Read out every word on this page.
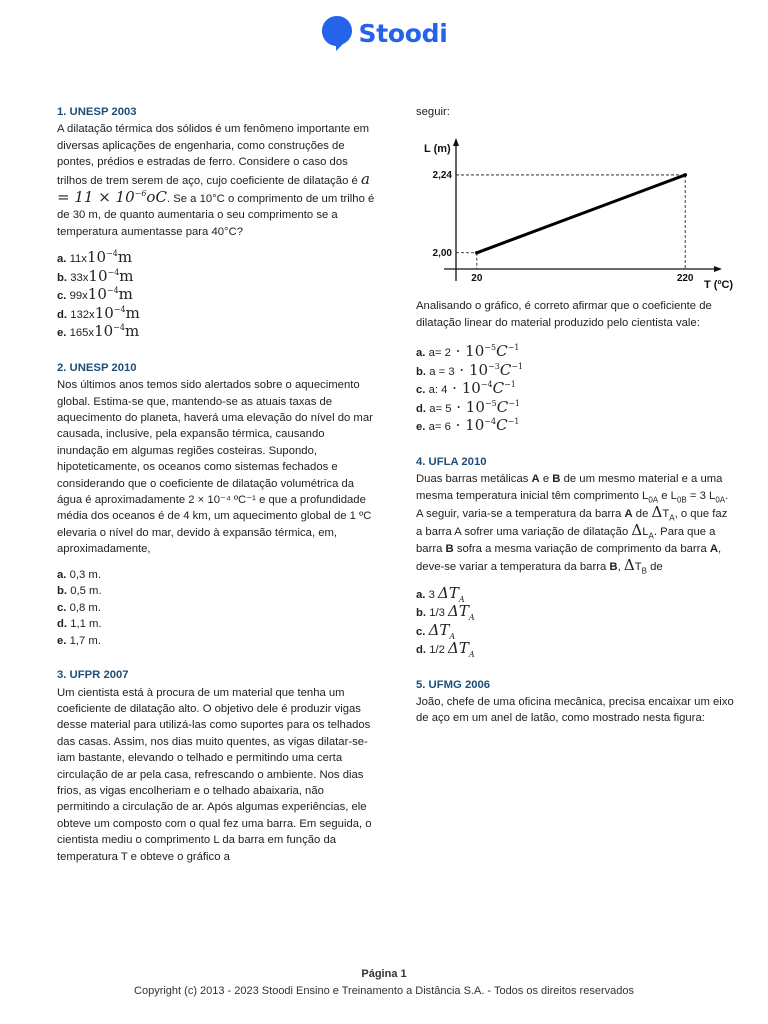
Stoodi
1. UNESP 2003

A dilatação térmica dos sólidos é um fenômeno importante em diversas aplicações de engenharia, como construções de pontes, prédios e estradas de ferro. Considere o caso dos trilhos de trem serem de aço, cujo coeficiente de dilatação é $a = 11 \times 10^{-6}oC$. Se a 10°C o comprimento de um trilho é de 30 m, de quanto aumentaria o seu comprimento se a temperatura aumentasse para 40°C?

a. $11x10^{-4}m$
b. $33x10^{-4}m$
c. $99x10^{-4}m$
d. $132x10^{-4}m$
e. $165x10^{-4}m$
2. UNESP 2010

Nos últimos anos temos sido alertados sobre o aquecimento global. Estima-se que, mantendo-se as atuais taxas de aquecimento do planeta, haverá uma elevação do nível do mar causada, inclusive, pela expansão térmica, causando inundação em algumas regiões costeiras. Supondo, hipoteticamente, os oceanos como sistemas fechados e considerando que o coeficiente de dilatação volumétrica da água é aproximadamente 2 × 10⁻⁴ ºC⁻¹ e que a profundidade média dos oceanos é de 4 km, um aquecimento global de 1 ºC elevaria o nível do mar, devido à expansão térmica, em, aproximadamente,

a. 0,3 m.
b. 0,5 m.
c. 0,8 m.
d. 1,1 m.
e. 1,7 m.
3. UFPR 2007

Um cientista está à procura de um material que tenha um coeficiente de dilatação alto. O objetivo dele é produzir vigas desse material para utilizá-las como suportes para os telhados das casas. Assim, nos dias muito quentes, as vigas dilatar-se-iam bastante, elevando o telhado e permitindo uma certa circulação de ar pela casa, refrescando o ambiente. Nos dias frios, as vigas encolheriam e o telhado abaixaria, não permitindo a circulação de ar. Após algumas experiências, ele obteve um composto com o qual fez uma barra. Em seguida, o cientista mediu o comprimento L da barra em função da temperatura T e obteve o gráfico a

seguir:

L (m)
T (ºC)
20	220
2,00
2,24

Analisando o gráfico, é correto afirmar que o coeficiente de dilatação linear do material produzido pelo cientista vale:

a. $a= 2 \cdot 10^{-5}C^{-1}$
b. $a = 3 \cdot 10^{-3}C^{-1}$
c. a: $4 \cdot 10^{-4}C^{-1}$
d. $a= 5 \cdot 10^{-5}C^{-1}$
e. $a= 6 \cdot 10^{-4}C^{-1}$
4. UFLA 2010

Duas barras metálicas A e B de um mesmo material e a uma mesma temperatura inicial têm comprimento $L_{0A}$ e $L_{0B} = 3$ $L_{0A}$. A seguir, varia-se a temperatura da barra A de $\Delta T_A$, o que faz a barra A sofrer uma variação de dilatação $\Delta L_A$. Para que a barra B sofra a mesma variação de comprimento da barra A, deve-se variar a temperatura da barra B, $\Delta T_B$ de

a. 3 $\Delta T_A$
b. 1/3 $\Delta T_A$
c. $\Delta T_A$
d. 1/2 $\Delta T_A$
5. UFMG 2006

João, chefe de uma oficina mecânica, precisa encaixar um eixo de aço em um anel de latão, como mostrado nesta figura:

Página 1
Copyright (c) 2013 - 2023 Stoodi Ensino e Treinamento a Distância S.A. - Todos os direitos reservados
